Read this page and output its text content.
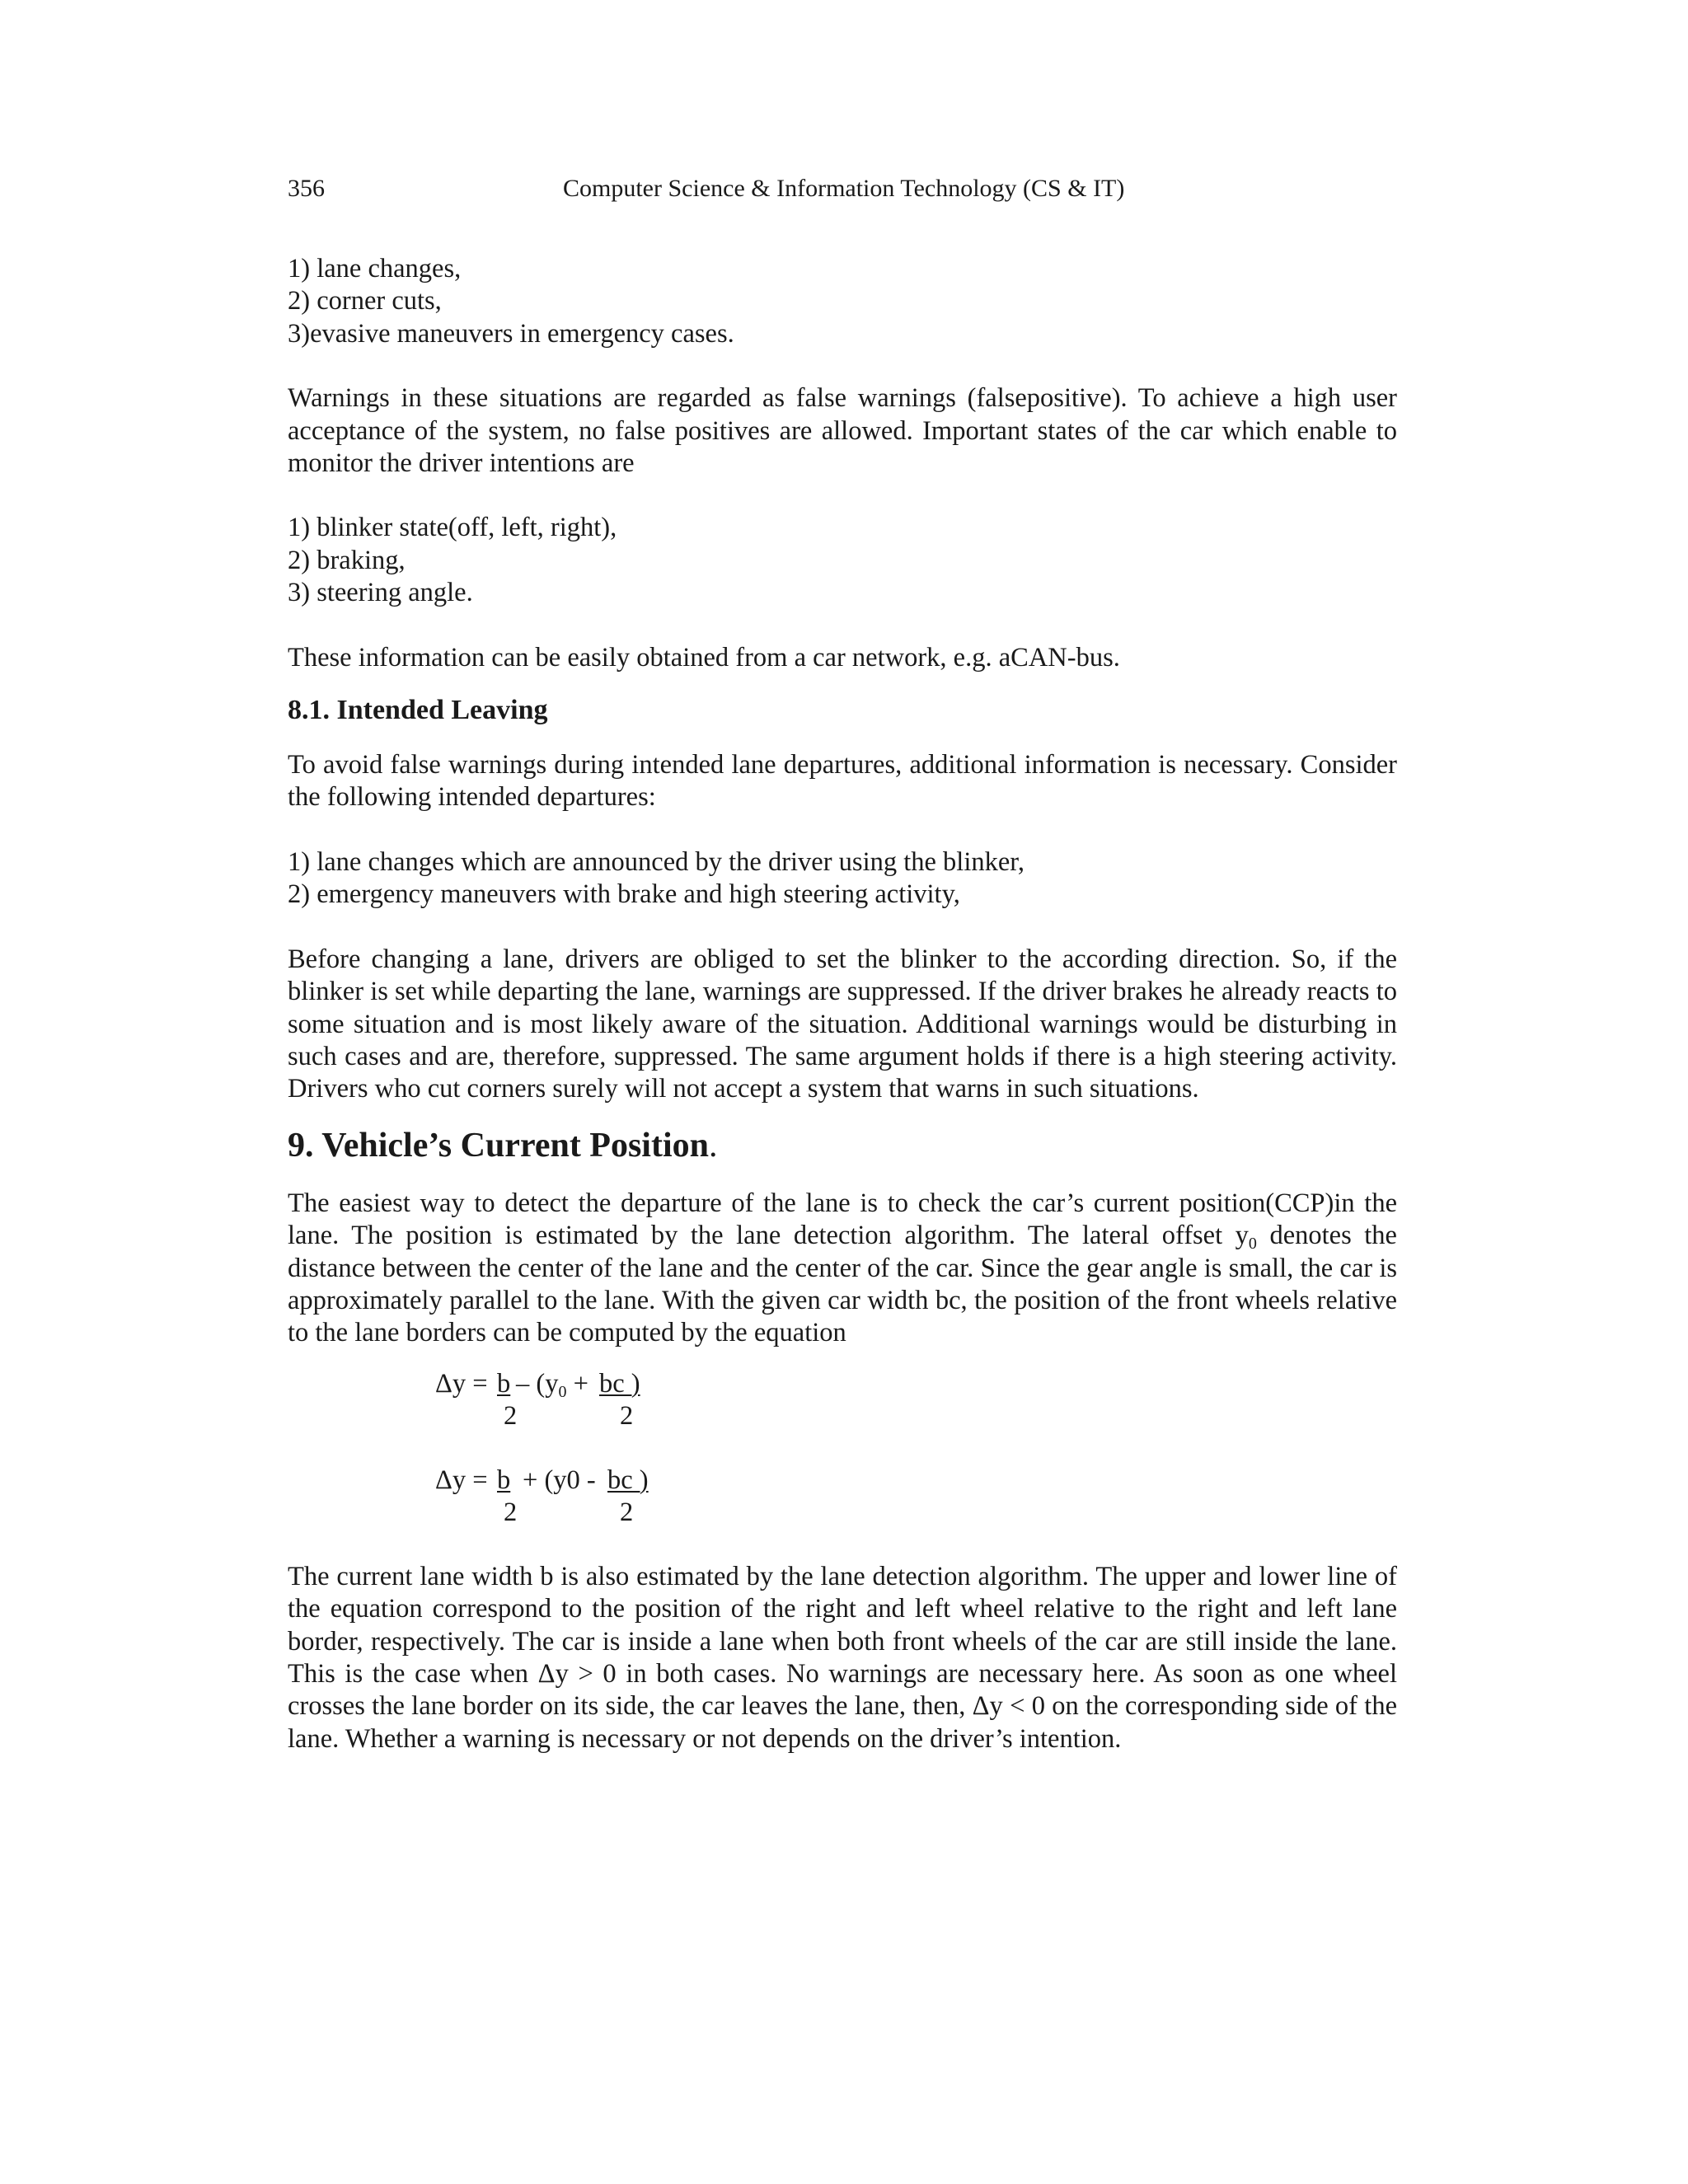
356	Computer Science & Information Technology (CS & IT)

1) lane changes,

2) corner cuts,

3)evasive maneuvers in emergency cases.

Warnings in these situations are regarded as false warnings (falsepositive). To achieve a high user acceptance of the system, no false positives are allowed. Important states of the car which enable to monitor the driver intentions are

1) blinker state(off, left, right),

2) braking,

3) steering angle.

These information can be easily obtained from a car network, e.g. aCAN-bus.

8.1. Intended Leaving

To avoid false warnings during intended lane departures, additional information is necessary. Consider the following intended departures:

1) lane changes which are announced by the driver using the blinker,

2) emergency maneuvers with brake and high steering activity,

Before changing a lane, drivers are obliged to set the blinker to the according direction. So, if the blinker is set while departing the lane, warnings are suppressed. If the driver brakes he already reacts to some situation and is most likely aware of the situation. Additional warnings would be disturbing in such cases and are, therefore, suppressed. The same argument holds if there is a high steering activity. Drivers who cut corners surely will not accept a system that warns in such situations.

9. Vehicle’s Current Position.

The easiest way to detect the departure of the lane is to check the car’s current position(CCP)in the lane. The position is estimated by the lane detection algorithm. The lateral offset $y_0$ denotes the distance between the center of the lane and the center of the car. Since the gear angle is small, the car is approximately parallel to the lane. With the given car width bc, the position of the front wheels relative to the lane borders can be computed by the equation

$\Delta y = b - (y_0$ + bc )
2	2
Δy = b + (y0 - bc )
2	2

The current lane width b is also estimated by the lane detection algorithm. The upper and lower line of the equation correspond to the position of the right and left wheel relative to the right and left lane border, respectively. The car is inside a lane when both front wheels of the car are still inside the lane. This is the case when Δy > 0 in both cases. No warnings are necessary here. As soon as one wheel crosses the lane border on its side, the car leaves the lane, then, Δy < 0 on the corresponding side of the lane. Whether a warning is necessary or not depends on the driver’s intention.
